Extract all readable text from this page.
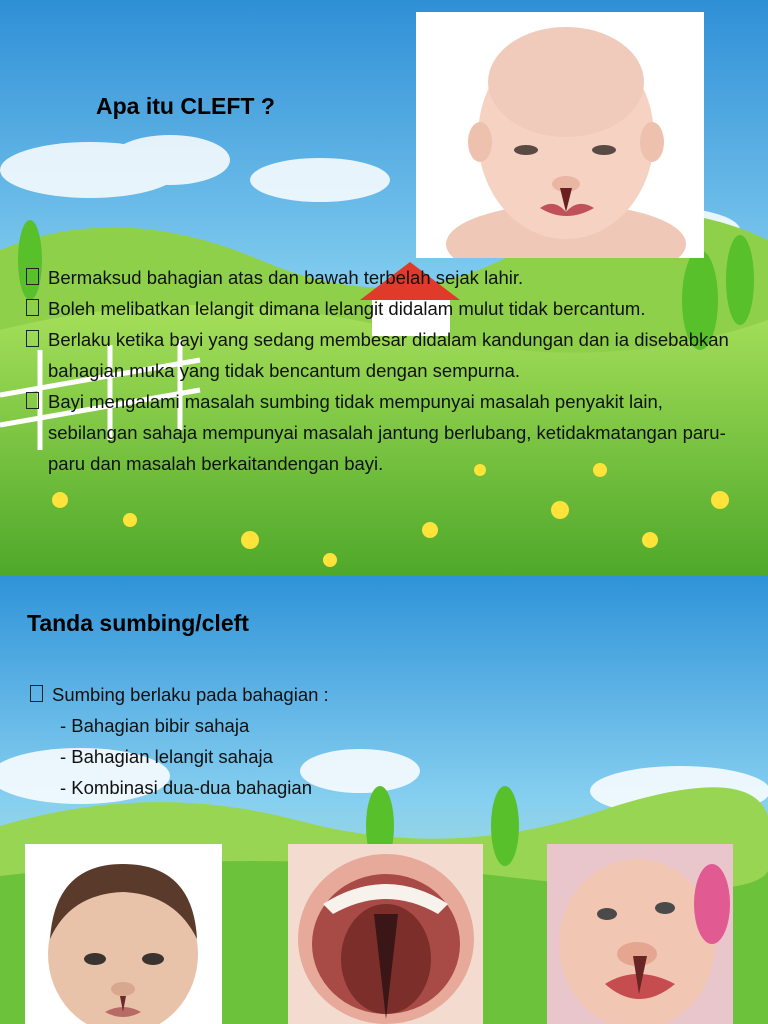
Apa itu CLEFT ?
Bermaksud bahagian atas dan bawah terbelah sejak lahir.
Boleh melibatkan lelangit dimana lelangit didalam mulut tidak bercantum.
Berlaku ketika bayi yang sedang membesar didalam kandungan dan ia disebabkan bahagian muka yang tidak bencantum dengan sempurna.
Bayi mengalami masalah sumbing tidak mempunyai masalah penyakit lain, sebilangan sahaja mempunyai masalah jantung berlubang, ketidakmatangan paru-paru dan masalah berkaitandengan bayi.
Tanda sumbing/cleft
Sumbing berlaku pada bahagian :
- Bahagian bibir sahaja
- Bahagian lelangit sahaja
- Kombinasi dua-dua bahagian
